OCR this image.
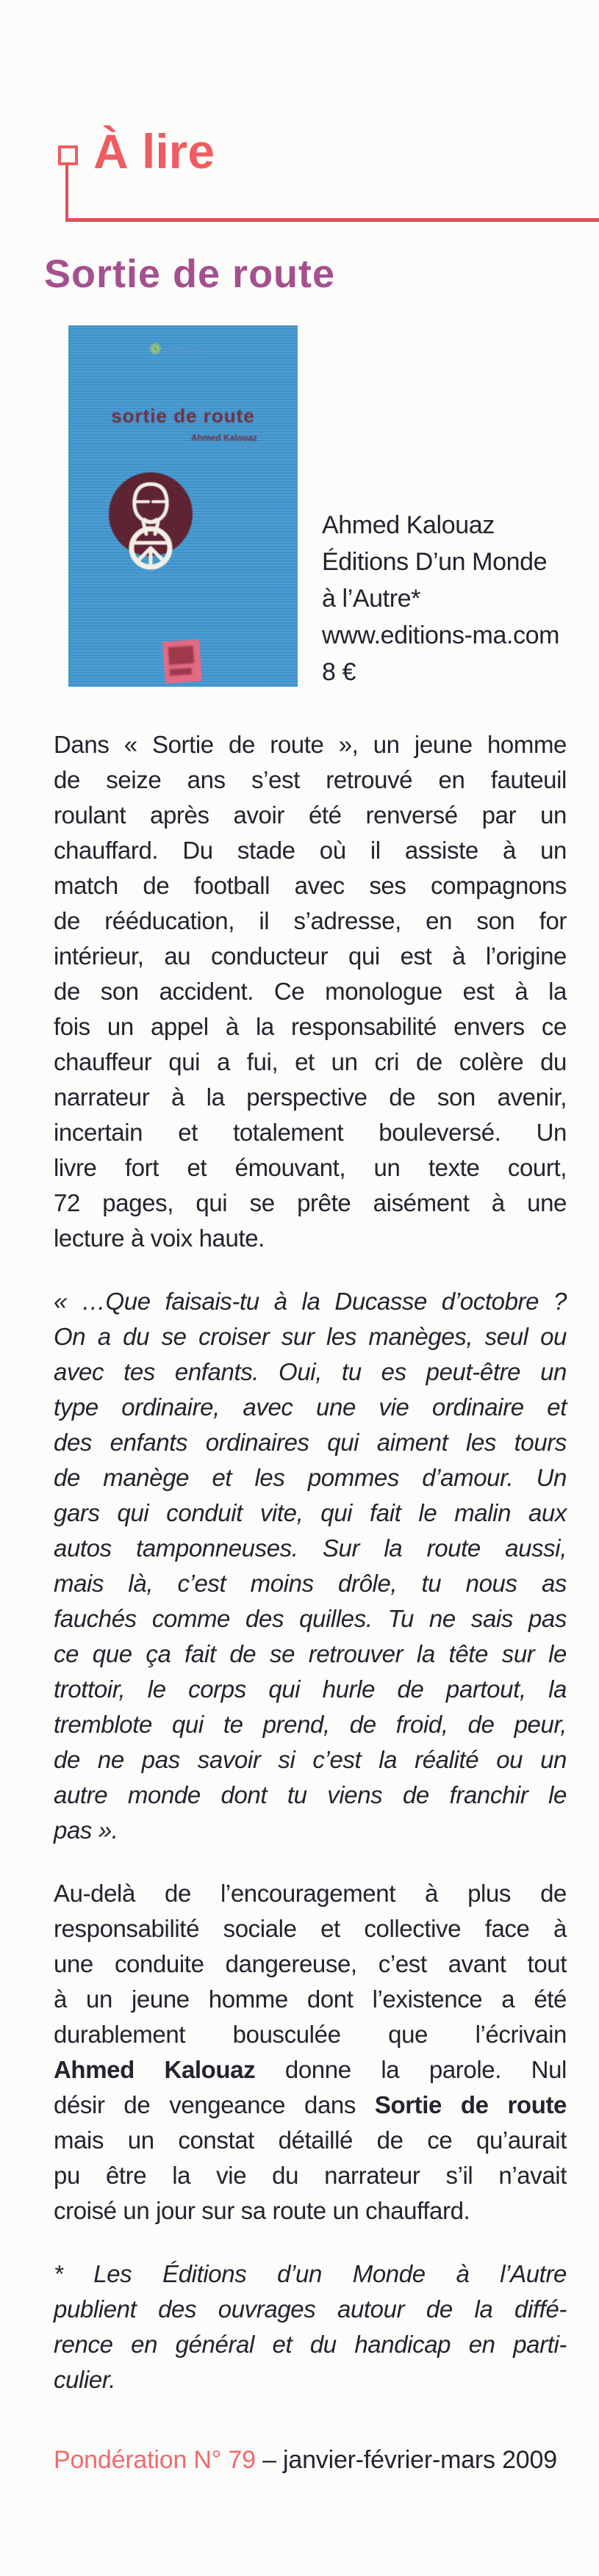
À lire
Sortie de route
❁ éditions
sortie de route
Ahmed Kalouaz
Ahmed Kalouaz
Éditions D’un Monde
à l’Autre*
www.editions-ma.com
8 €
Dans « Sortie de route », un jeune homme
de seize ans s’est retrouvé en fauteuil
roulant après avoir été renversé par un
chauffard. Du stade où il assiste à un
match de football avec ses compagnons
de rééducation, il s’adresse, en son for
intérieur, au conducteur qui est à l’origine
de son accident. Ce monologue est à la
fois un appel à la responsabilité envers ce
chauffeur qui a fui, et un cri de colère du
narrateur à la perspective de son avenir,
incertain et totalement bouleversé. Un
livre fort et émouvant, un texte court,
72 pages, qui se prête aisément à une
lecture à voix haute.
« …Que faisais-tu à la Ducasse d’octobre ?
On a du se croiser sur les manèges, seul ou
avec tes enfants. Oui, tu es peut-être un
type ordinaire, avec une vie ordinaire et
des enfants ordinaires qui aiment les tours
de manège et les pommes d’amour. Un
gars qui conduit vite, qui fait le malin aux
autos tamponneuses. Sur la route aussi,
mais là, c’est moins drôle, tu nous as
fauchés comme des quilles. Tu ne sais pas
ce que ça fait de se retrouver la tête sur le
trottoir, le corps qui hurle de partout, la
tremblote qui te prend, de froid, de peur,
de ne pas savoir si c’est la réalité ou un
autre monde dont tu viens de franchir le
pas ».
Au-delà de l’encouragement à plus de
responsabilité sociale et collective face à
une conduite dangereuse, c’est avant tout
à un jeune homme dont l’existence a été
durablement bousculée que l’écrivain
Ahmed Kalouaz donne la parole. Nul
désir de vengeance dans Sortie de route
mais un constat détaillé de ce qu’aurait
pu être la vie du narrateur s’il n’avait
croisé un jour sur sa route un chauffard.
* Les Éditions d’un Monde à l’Autre
publient des ouvrages autour de la diffé-
rence en général et du handicap en parti-
culier.
Pondération N° 79 – janvier-février-mars 2009
